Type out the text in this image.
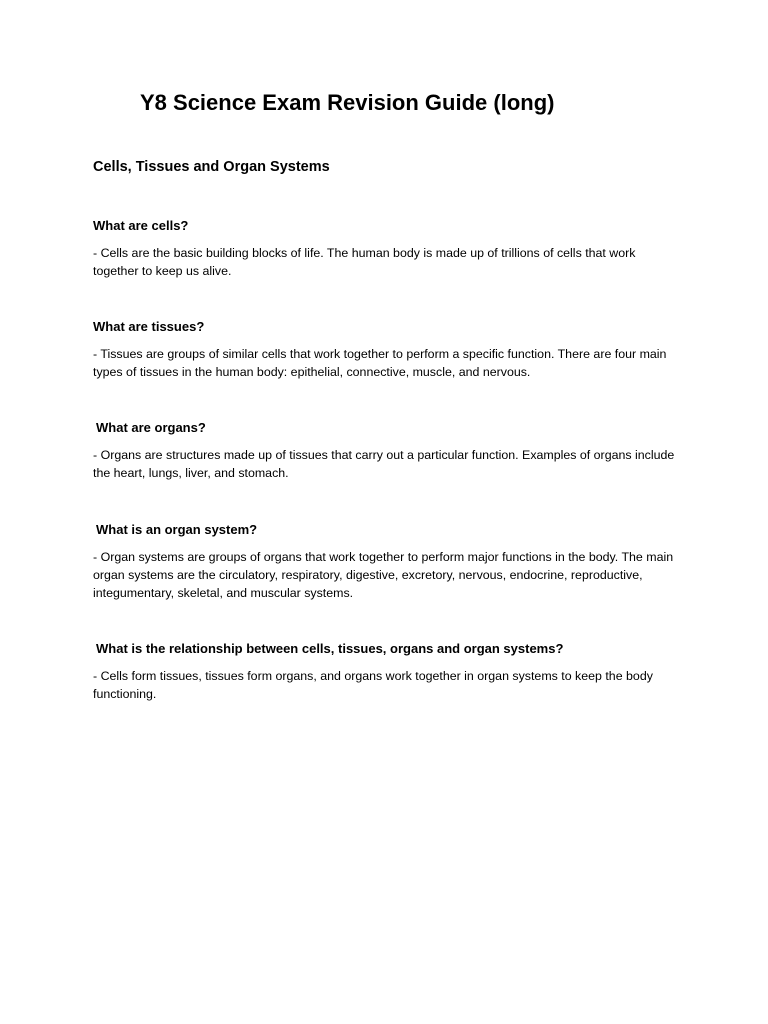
Y8 Science Exam Revision Guide (long)
Cells, Tissues and Organ Systems

What are cells?

- Cells are the basic building blocks of life. The human body is made up of trillions of cells that work together to keep us alive.

What are tissues?

- Tissues are groups of similar cells that work together to perform a specific function. There are four main types of tissues in the human body: epithelial, connective, muscle, and nervous.

What are organs?

- Organs are structures made up of tissues that carry out a particular function. Examples of organs include the heart, lungs, liver, and stomach.

What is an organ system?

- Organ systems are groups of organs that work together to perform major functions in the body. The main organ systems are the circulatory, respiratory, digestive, excretory, nervous, endocrine, reproductive, integumentary, skeletal, and muscular systems.

What is the relationship between cells, tissues, organs and organ systems?

- Cells form tissues, tissues form organs, and organs work together in organ systems to keep the body functioning.
